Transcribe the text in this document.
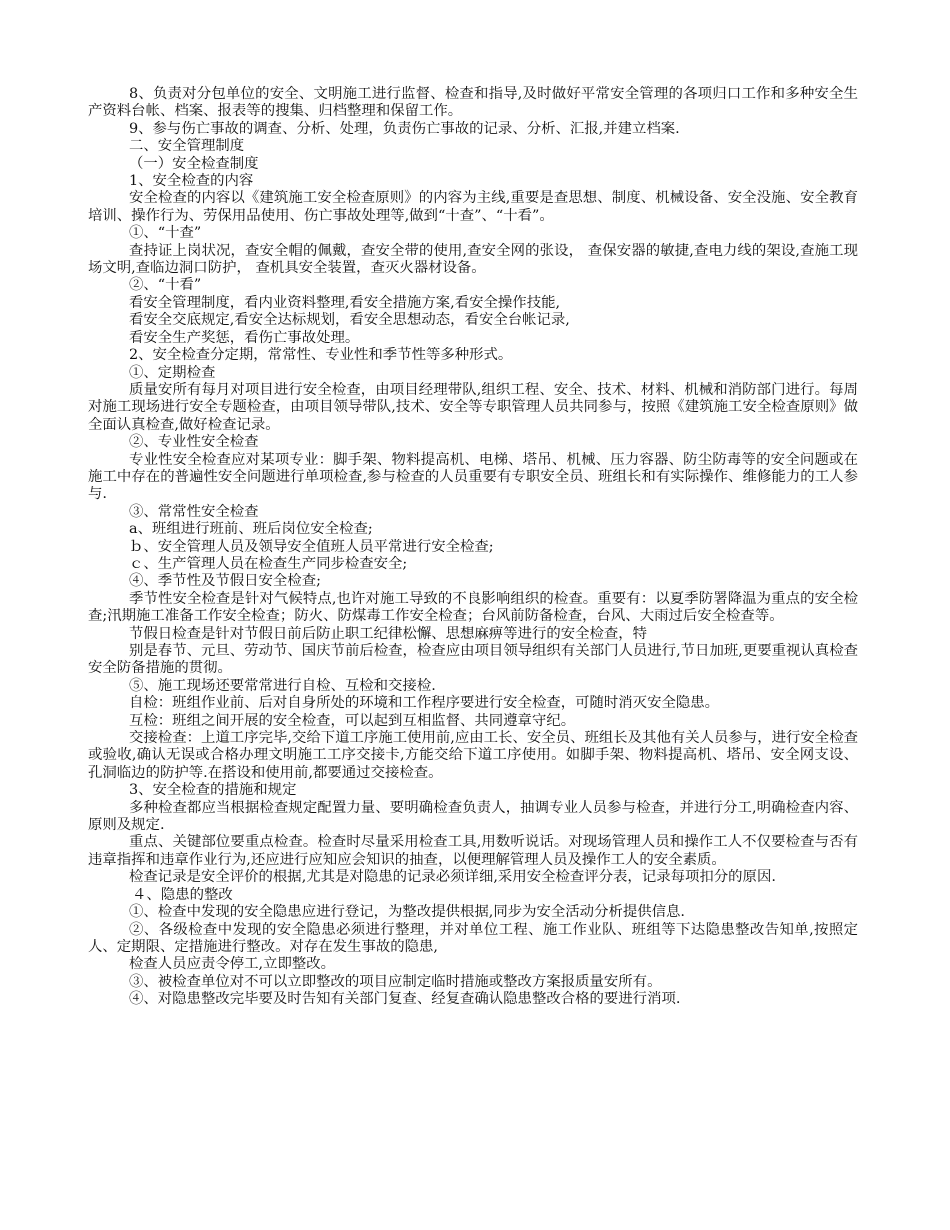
8、负责对分包单位的安全、文明施工进行监督、检查和指导,及时做好平常安全管理的各项归口工作和多种安全生产资料台帐、档案、报表等的搜集、归档整理和保留工作。

9、参与伤亡事故的调查、分析、处理，负责伤亡事故的记录、分析、汇报,并建立档案.

二、安全管理制度

（一）安全检查制度

1、安全检查的内容

安全检查的内容以《建筑施工安全检查原则》的内容为主线,重要是查思想、制度、机械设备、安全没施、安全教育培训、操作行为、劳保用品使用、伤亡事故处理等,做到“十查”、“十看”。

①、“十查”

查持证上岗状况，查安全帽的佩戴，查安全带的使用,查安全网的张设， 查保安器的敏捷,查电力线的架设,查施工现场文明,查临边洞口防护， 查机具安全装置，查灭火器材设备。

②、“十看”

看安全管理制度，看内业资料整理,看安全措施方案,看安全操作技能,

看安全交底规定,看安全达标规划，看安全思想动态，看安全台帐记录,

看安全生产奖惩，看伤亡事故处理。

2、安全检查分定期，常常性、专业性和季节性等多种形式。

①、定期检查

质量安所有每月对项目进行安全检查，由项目经理带队,组织工程、安全、技术、材料、机械和消防部门进行。每周对施工现场进行安全专题检查，由项目领导带队,技术、安全等专职管理人员共同参与，按照《建筑施工安全检查原则》做全面认真检查,做好检查记录。

②、专业性安全检查

专业性安全检查应对某项专业：脚手架、物料提高机、电梯、塔吊、机械、压力容器、防尘防毒等的安全问题或在施工中存在的普遍性安全问题进行单项检查,参与检查的人员重要有专职安全员、班组长和有实际操作、维修能力的工人参与.

③、常常性安全检查

a、班组进行班前、班后岗位安全检查;

ｂ、安全管理人员及领导安全值班人员平常进行安全检查;

ｃ、生产管理人员在检查生产同步检查安全;

④、季节性及节假日安全检查;

季节性安全检查是针对气候特点,也许对施工导致的不良影响组织的检查。重要有：以夏季防署降温为重点的安全检查;汛期施工准备工作安全检查；防火、防煤毒工作安全检查；台风前防备检查，台风、大雨过后安全检查等。

节假日检查是针对节假日前后防止职工纪律松懈、思想麻痹等进行的安全检查，特

别是春节、元旦、劳动节、国庆节前后检查，检查应由项目领导组织有关部门人员进行,节日加班,更要重视认真检查安全防备措施的贯彻。

⑤、施工现场还要常常进行自检、互检和交接检.

自检：班组作业前、后对自身所处的环境和工作程序要进行安全检查，可随时消灭安全隐患。

互检：班组之间开展的安全检查，可以起到互相监督、共同遵章守纪。

交接检查：上道工序完毕,交给下道工序施工使用前,应由工长、安全员、班组长及其他有关人员参与，进行安全检查或验收,确认无误或合格办理文明施工工序交接卡,方能交给下道工序使用。如脚手架、物料提高机、塔吊、安全网支设、孔洞临边的防护等.在搭设和使用前,都要通过交接检查。

3、安全检查的措施和规定

多种检查都应当根据检查规定配置力量、要明确检查负责人，抽调专业人员参与检查，并进行分工,明确检查内容、原则及规定.

重点、关键部位要重点检查。检查时尽量采用检查工具,用数听说话。对现场管理人员和操作工人不仅要检查与否有违章指挥和违章作业行为,还应进行应知应会知识的抽查，以便理解管理人员及操作工人的安全素质。

检查记录是安全评价的根据,尤其是对隐患的记录必须详细,采用安全检查评分表，记录每项扣分的原因.

４、隐患的整改

①、检查中发现的安全隐患应进行登记，为整改提供根据,同步为安全活动分析提供信息.

②、各级检查中发现的安全隐患必须进行整理，并对单位工程、施工作业队、班组等下达隐患整改告知单,按照定人、定期限、定措施进行整改。对存在发生事故的隐患,

检查人员应责令停工,立即整改。

③、被检查单位对不可以立即整改的项目应制定临时措施或整改方案报质量安所有。

④、对隐患整改完毕要及时告知有关部门复查、经复查确认隐患整改合格的要进行消项.
